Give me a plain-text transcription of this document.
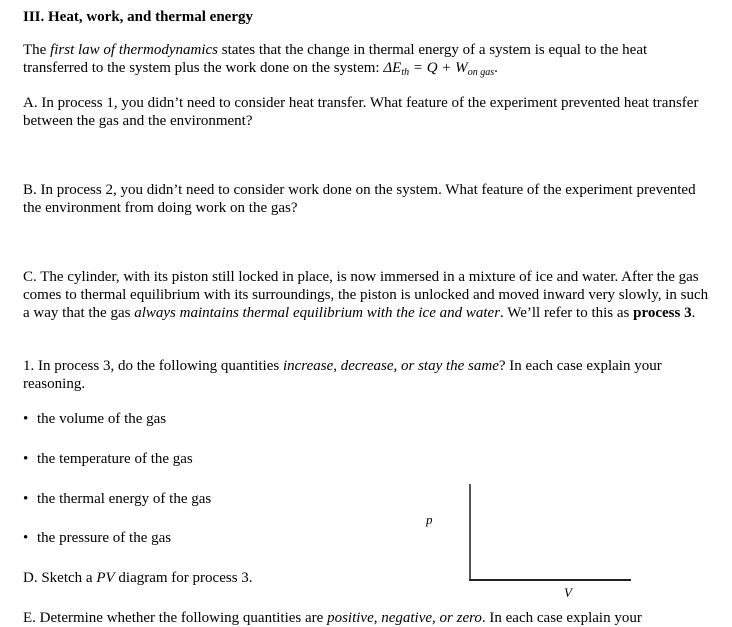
III. Heat, work, and thermal energy

The first law of thermodynamics states that the change in thermal energy of a system is equal to the heat transferred to the system plus the work done on the system: $\Delta E_{th} = Q + W_{on gas}$.

A. In process 1, you didn’t need to consider heat transfer. What feature of the experiment prevented heat transfer between the gas and the environment?

B. In process 2, you didn’t need to consider work done on the system. What feature of the experiment prevented the environment from doing work on the gas?

C. The cylinder, with its piston still locked in place, is now immersed in a mixture of ice and water. After the gas comes to thermal equilibrium with its surroundings, the piston is unlocked and moved inward very slowly, in such a way that the gas always maintains thermal equilibrium with the ice and water. We’ll refer to this as process 3.

1. In process 3, do the following quantities increase, decrease, or stay the same? In each case explain your reasoning.

• the volume of the gas

• the temperature of the gas

• the thermal energy of the gas

• the pressure of the gas

D. Sketch a PV diagram for process 3.

E. Determine whether the following quantities are positive, negative, or zero. In each case explain your

p
V
